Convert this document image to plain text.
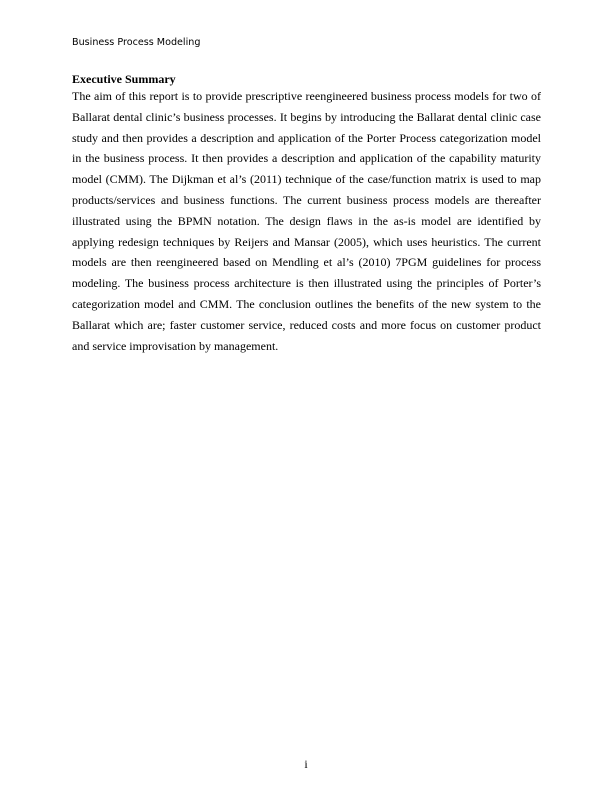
Business Process Modeling
Executive Summary

The aim of this report is to provide prescriptive reengineered business process models for two of Ballarat dental clinic’s business processes. It begins by introducing the Ballarat dental clinic case study and then provides a description and application of the Porter Process categorization model in the business process. It then provides a description and application of the capability maturity model (CMM). The Dijkman et al’s (2011) technique of the case/function matrix is used to map products/services and business functions. The current business process models are thereafter illustrated using the BPMN notation. The design flaws in the as-is model are identified by applying redesign techniques by Reijers and Mansar (2005), which uses heuristics. The current models are then reengineered based on Mendling et al’s (2010) 7PGM guidelines for process modeling. The business process architecture is then illustrated using the principles of Porter’s categorization model and CMM. The conclusion outlines the benefits of the new system to the Ballarat which are; faster customer service, reduced costs and more focus on customer product and service improvisation by management.

i
